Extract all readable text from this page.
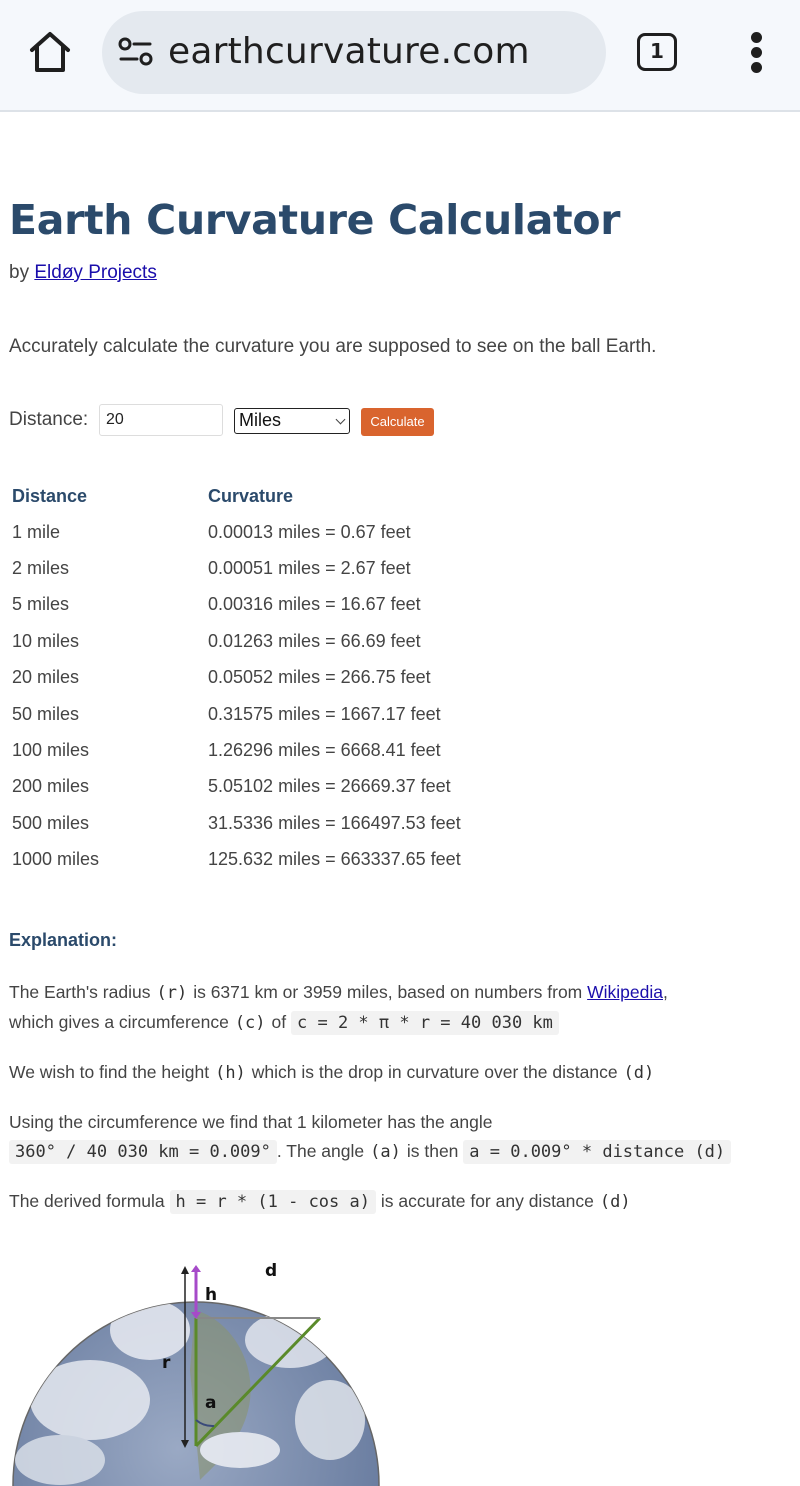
earthcurvature.com	1
Earth Curvature Calculator
by Eldøy Projects

Accurately calculate the curvature you are supposed to see on the ball Earth.

Distance:
20	Miles	Calculate
Distance	Curvature
1 mile	0.00013 miles = 0.67 feet
2 miles	0.00051 miles = 2.67 feet
5 miles	0.00316 miles = 16.67 feet
10 miles	0.01263 miles = 66.69 feet
20 miles	0.05052 miles = 266.75 feet
50 miles	0.31575 miles = 1667.17 feet
100 miles	1.26296 miles = 6668.41 feet
200 miles	5.05102 miles = 26669.37 feet
500 miles	31.5336 miles = 166497.53 feet
1000 miles	125.632 miles = 663337.65 feet
Explanation:
The Earth's radius (r) is 6371 km or 3959 miles, based on numbers from Wikipedia,
which gives a circumference (c) of c = 2 * π * r = 40 030 km
We wish to find the height (h) which is the drop in curvature over the distance (d)
Using the circumference we find that 1 kilometer has the angle
360° / 40 030 km = 0.009° . The angle (a) is then a = 0.009° * distance (d)
The derived formula h = r * (1 - cos a) is accurate for any distance (d)
d
h
r
a
